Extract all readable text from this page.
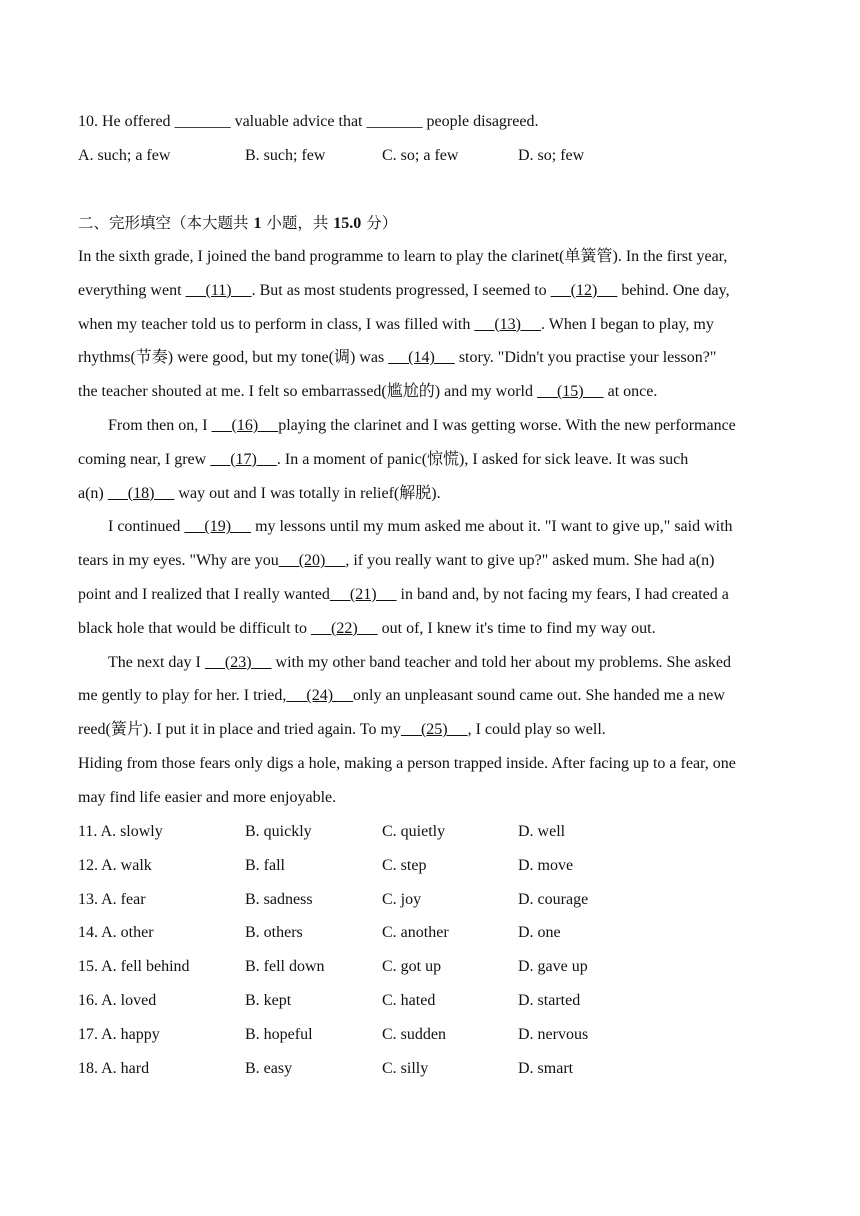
10. He offered _______ valuable advice that _______ people disagreed.
A. such; a few	B. such; few	C. so; a few	D. so; few
二、完形填空（本大题共 1 小题，共 15.0 分）
In the sixth grade, I joined the band programme to learn to play the clarinet(单簧管). In the first year,
everything went      (11)     . But as most students progressed, I seemed to      (12)      behind. One day,
when my teacher told us to perform in class, I was filled with      (13)     . When I began to play, my
rhythms(节奏) were good, but my tone(调) was      (14)      story. "Didn't you practise your lesson?"
the teacher shouted at me. I felt so embarrassed(尴尬的) and my world      (15)      at once.
From then on, I      (16)     playing the clarinet and I was getting worse. With the new performance
coming near, I grew      (17)     . In a moment of panic(惊慌), I asked for sick leave. It was such
a(n)      (18)      way out and I was totally in relief(解脱).
I continued      (19)      my lessons until my mum asked me about it. "I want to give up," said with
tears in my eyes. "Why are you     (20)     , if you really want to give up?" asked mum. She had a(n)
point and I realized that I really wanted     (21)      in band and, by not facing my fears, I had created a
black hole that would be difficult to      (22)      out of, I knew it's time to find my way out.
The next day I      (23)      with my other band teacher and told her about my problems. She asked
me gently to play for her. I tried,     (24)     only an unpleasant sound came out. She handed me a new
reed(簧片). I put it in place and tried again. To my     (25)     , I could play so well.
Hiding from those fears only digs a hole, making a person trapped inside. After facing up to a fear, one
may find life easier and more enjoyable.
11. A. slowly	B. quickly	C. quietly	D. well
12. A. walk	B. fall	C. step	D. move
13. A. fear	B. sadness	C. joy	D. courage
14. A. other	B. others	C. another	D. one
15. A. fell behind	B. fell down	C. got up	D. gave up
16. A. loved	B. kept	C. hated	D. started
17. A. happy	B. hopeful	C. sudden	D. nervous
18. A. hard	B. easy	C. silly	D. smart
